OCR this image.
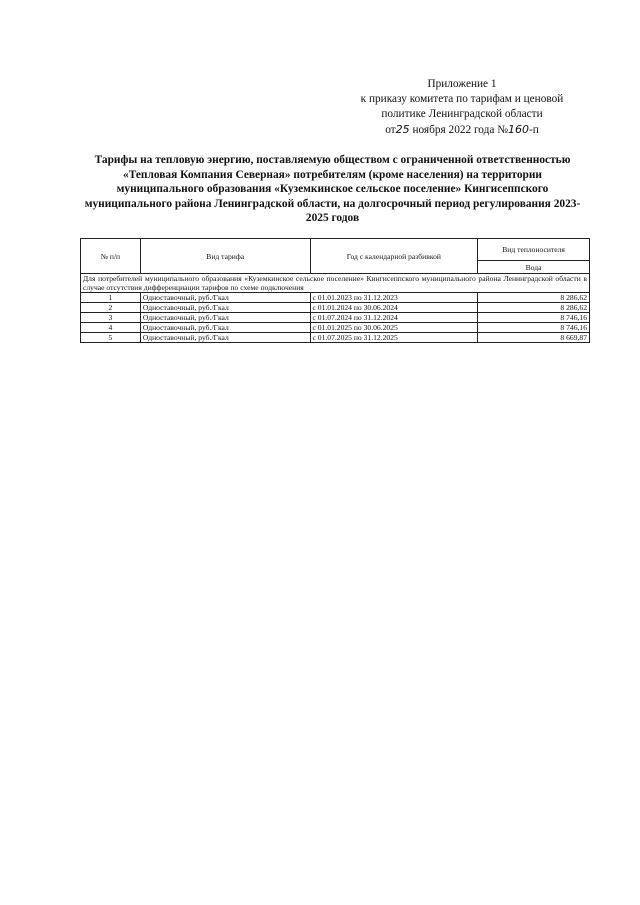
Приложение 1
к приказу комитета по тарифам и ценовой
политике Ленинградской области
от25 ноября 2022 года №160-п
Тарифы на тепловую энергию, поставляемую обществом с ограниченной ответственностью
«Тепловая Компания Северная» потребителям (кроме населения) на территории
муниципального образования «Куземкинское сельское поселение» Кингисеппского
муниципального района Ленинградской области, на долгосрочный период регулирования 2023-
2025 годов
№ п/п	Вид тарифа	Год с календарной разбивкой	Вид теплоносителя
			Вода
Для потребителей муниципального образования «Куземкинское сельское поселение» Кингисеппского муниципального района Ленинградской области в случае отсутствия дифференциации тарифов по схеме подключения			
1	Одноставочный, руб./Гкал	с 01.01.2023 по 31.12.2023	8 286,62
2	Одноставочный, руб./Гкал	с 01.01.2024 по 30.06.2024	8 286,62
3	Одноставочный, руб./Гкал	с 01.07.2024 по 31.12.2024	8 746,16
4	Одноставочный, руб./Гкал	с 01.01.2025 по 30.06.2025	8 746,16
5	Одноставочный, руб./Гкал	с 01.07.2025 по 31.12.2025	8 669,87
